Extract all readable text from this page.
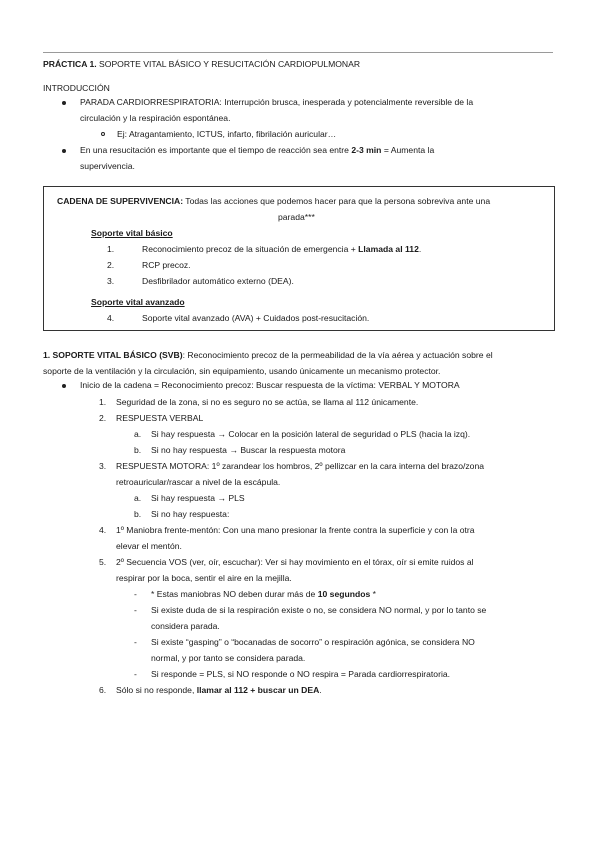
PRÁCTICA 1. SOPORTE VITAL BÁSICO Y RESUCITACIÓN CARDIOPULMONAR
INTRODUCCIÓN
PARADA CARDIORRESPIRATORIA: Interrupción brusca, inesperada y potencialmente reversible de la
circulación y la respiración espontánea.
Ej: Atragantamiento, ICTUS, infarto, fibrilación auricular…
En una resucitación es importante que el tiempo de reacción sea entre 2-3 min = Aumenta la
supervivencia.
CADENA DE SUPERVIVENCIA: Todas las acciones que podemos hacer para que la persona sobreviva ante una
parada***
Soporte vital básico
1.	Reconocimiento precoz de la situación de emergencia + Llamada al 112.
2.	RCP precoz.
3.	Desfibrilador automático externo (DEA).
Soporte vital avanzado
4.	Soporte vital avanzado (AVA) + Cuidados post-resucitación.
1. SOPORTE VITAL BÁSICO (SVB): Reconocimiento precoz de la permeabilidad de la vía aérea y actuación sobre el
soporte de la ventilación y la circulación, sin equipamiento, usando únicamente un mecanismo protector.
Inicio de la cadena = Reconocimiento precoz: Buscar respuesta de la víctima: VERBAL Y MOTORA
1. Seguridad de la zona, si no es seguro no se actúa, se llama al 112 únicamente.
2. RESPUESTA VERBAL
a. Si hay respuesta → Colocar en la posición lateral de seguridad o PLS (hacia la izq).
b. Si no hay respuesta → Buscar la respuesta motora
3. RESPUESTA MOTORA: 1º zarandear los hombros, 2º pellizcar en la cara interna del brazo/zona
retroauricular/rascar a nivel de la escápula.
a. Si hay respuesta → PLS
b. Si no hay respuesta:
4. 1º Maniobra frente-mentón: Con una mano presionar la frente contra la superficie y con la otra
elevar el mentón.
5. 2º Secuencia VOS (ver, oír, escuchar): Ver si hay movimiento en el tórax, oír si emite ruidos al
respirar por la boca, sentir el aire en la mejilla.
- * Estas maniobras NO deben durar más de 10 segundos *
- Si existe duda de si la respiración existe o no, se considera NO normal, y por lo tanto se
considera parada.
- Si existe “gasping” o “bocanadas de socorro” o respiración agónica, se considera NO
normal, y por tanto se considera parada.
- Si responde = PLS, si NO responde o NO respira = Parada cardiorrespiratoria.
6. Sólo si no responde, llamar al 112 + buscar un DEA.
